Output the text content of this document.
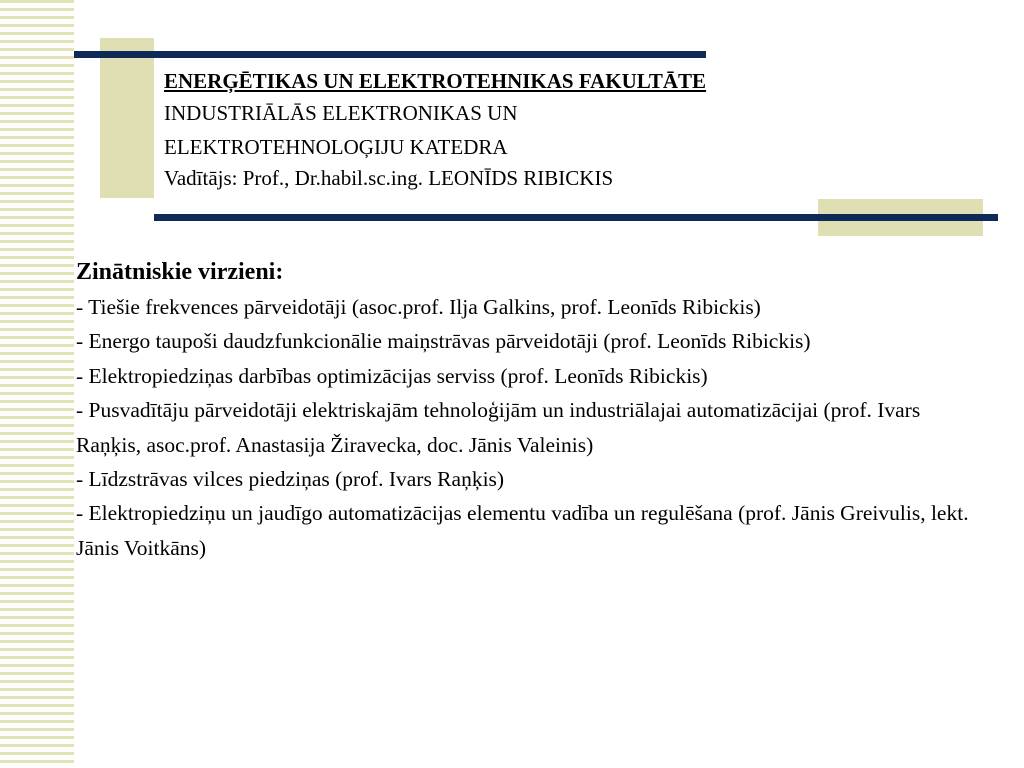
ENERĢĒTIKAS UN ELEKTROTEHNIKAS FAKULTĀTE
INDUSTRIĀLĀS ELEKTRONIKAS UN
ELEKTROTEHNOLOĢIJU KATEDRA
Vadītājs: Prof., Dr.habil.sc.ing. LEONĪDS RIBICKIS
Zinātniskie virzieni:
- Tiešie frekvences pārveidotāji (asoc.prof. Ilja Galkins, prof. Leonīds Ribickis)
- Energo taupoši daudzfunkcionālie maiņstrāvas pārveidotāji (prof. Leonīds Ribickis)
- Elektropiedziņas darbības optimizācijas serviss (prof. Leonīds Ribickis)
- Pusvadītāju pārveidotāji elektriskajām tehnoloģijām un industriālajai automatizācijai (prof. Ivars Raņķis, asoc.prof. Anastasija Žiravecka, doc. Jānis Valeinis)
- Līdzstrāvas vilces piedziņas (prof. Ivars Raņķis)
- Elektropiedziņu un jaudīgo automatizācijas elementu vadība un regulēšana (prof. Jānis Greivulis, lekt. Jānis Voitkāns)
